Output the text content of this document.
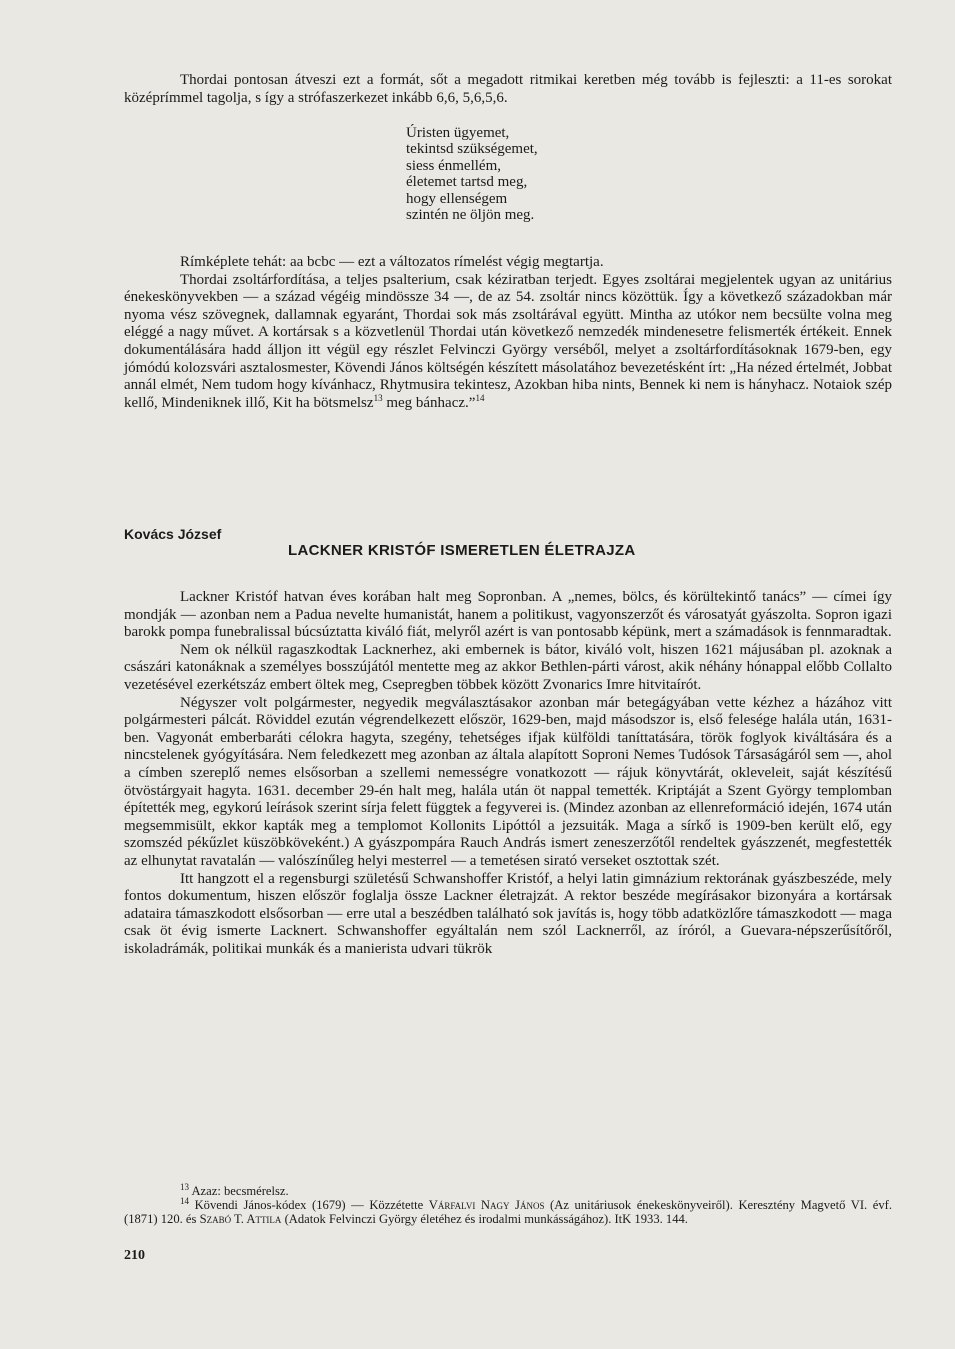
Thordai pontosan átveszi ezt a formát, sőt a megadott ritmikai keretben még tovább is fejleszti: a 11-es sorokat középrímmel tagolja, s így a strófaszerkezet inkább 6,6, 5,6,5,6.

Úristen ügyemet,
tekintsd szükségemet,
siess énmellém,
életemet tartsd meg,
hogy ellenségem
szintén ne öljön meg.

Rímképlete tehát: aa bcbc — ezt a változatos rímelést végig megtartja.

Thordai zsoltárfordítása, a teljes psalterium, csak kéziratban terjedt. Egyes zsoltárai megjelentek ugyan az unitárius énekeskönyvekben — a század végéig mindössze 34 —, de az 54. zsoltár nincs közöttük. Így a következő századokban már nyoma vész szövegnek, dallamnak egyaránt, Thordai sok más zsoltárával együtt. Mintha az utókor nem becsülte volna meg eléggé a nagy művet. A kortársak s a közvetlenül Thordai után következő nemzedék mindenesetre felismerték értékeit. Ennek dokumentálására hadd álljon itt végül egy részlet Felvinczi György verséből, melyet a zsoltárfordításoknak 1679-ben, egy jómódú kolozsvári asztalosmester, Kövendi János költségén készített másolatához bevezetésként írt: „Ha nézed értelmét, Jobbat annál elmét, Nem tudom hogy kívánhacz, Rhytmusira tekintesz, Azokban hiba nints, Bennek ki nem is hányhacz. Notaiok szép kellő, Mindeniknek illő, Kit ha bötsmelsz$^{13}$ meg bánhacz.”$^{14}$

Kovács József

LACKNER KRISTÓF ISMERETLEN ÉLETRAJZA

Lackner Kristóf hatvan éves korában halt meg Sopronban. A „nemes, bölcs, és körültekintő tanács” — címei így mondják — azonban nem a Padua nevelte humanistát, hanem a politikust, vagyonszerzőt és városatyát gyászolta. Sopron igazi barokk pompa funebralissal búcsúztatta kiváló fiát, melyről azért is van pontosabb képünk, mert a számadások is fennmaradtak.

Nem ok nélkül ragaszkodtak Lacknerhez, aki embernek is bátor, kiváló volt, hiszen 1621 májusában pl. azoknak a császári katonáknak a személyes bosszújától mentette meg az akkor Bethlen-párti várost, akik néhány hónappal előbb Collalto vezetésével ezerkétszáz embert öltek meg, Csepregben többek között Zvonarics Imre hitvitaírót.

Négyszer volt polgármester, negyedik megválasztásakor azonban már betegágyában vette kézhez a házához vitt polgármesteri pálcát. Röviddel ezután végrendelkezett először, 1629-ben, majd másodszor is, első felesége halála után, 1631-ben. Vagyonát emberbaráti célokra hagyta, szegény, tehetséges ifjak külföldi taníttatására, török foglyok kiváltására és a nincstelenek gyógyítására. Nem feledkezett meg azonban az általa alapított Soproni Nemes Tudósok Társaságáról sem —, ahol a címben szereplő nemes elsősorban a szellemi nemességre vonatkozott — rájuk könyvtárát, okleveleit, saját készítésű ötvöstárgyait hagyta. 1631. december 29-én halt meg, halála után öt nappal temették. Kriptáját a Szent György templomban építették meg, egykorú leírások szerint sírja felett függtek a fegyverei is. (Mindez azonban az ellenreformáció idején, 1674 után megsemmisült, ekkor kapták meg a templomot Kollonits Lipóttól a jezsuiták. Maga a sírkő is 1909-ben került elő, egy szomszéd pékűzlet küszöbköveként.) A gyászpompára Rauch András ismert zeneszerzőtől rendeltek gyászzenét, megfestették az elhunytat ravatalán — valószínűleg helyi mesterrel — a temetésen sirató verseket osztottak szét.

Itt hangzott el a regensburgi születésű Schwanshoffer Kristóf, a helyi latin gimnázium rektorának gyászbeszéde, mely fontos dokumentum, hiszen először foglalja össze Lackner életrajzát. A rektor beszéde megírásakor bizonyára a kortársak adataira támaszkodott elsősorban — erre utal a beszédben található sok javítás is, hogy több adatközlőre támaszkodott — maga csak öt évig ismerte Lacknert. Schwanshoffer egyáltalán nem szól Lacknerről, az íróról, a Guevara-népszerűsítőről, iskoladrámák, politikai munkák és a manierista udvari tükrök

$^{13}$ Azaz: becsmérelsz.

$^{14}$ Kövendi János-kódex (1679) — Közzétette Várfalvi Nagy János (Az unitáriusok énekeskönyveiről). Keresztény Magvető VI. évf. (1871) 120. és Szabó T. Attila (Adatok Felvinczi György életéhez és irodalmi munkásságához). ItK 1933. 144.

210
